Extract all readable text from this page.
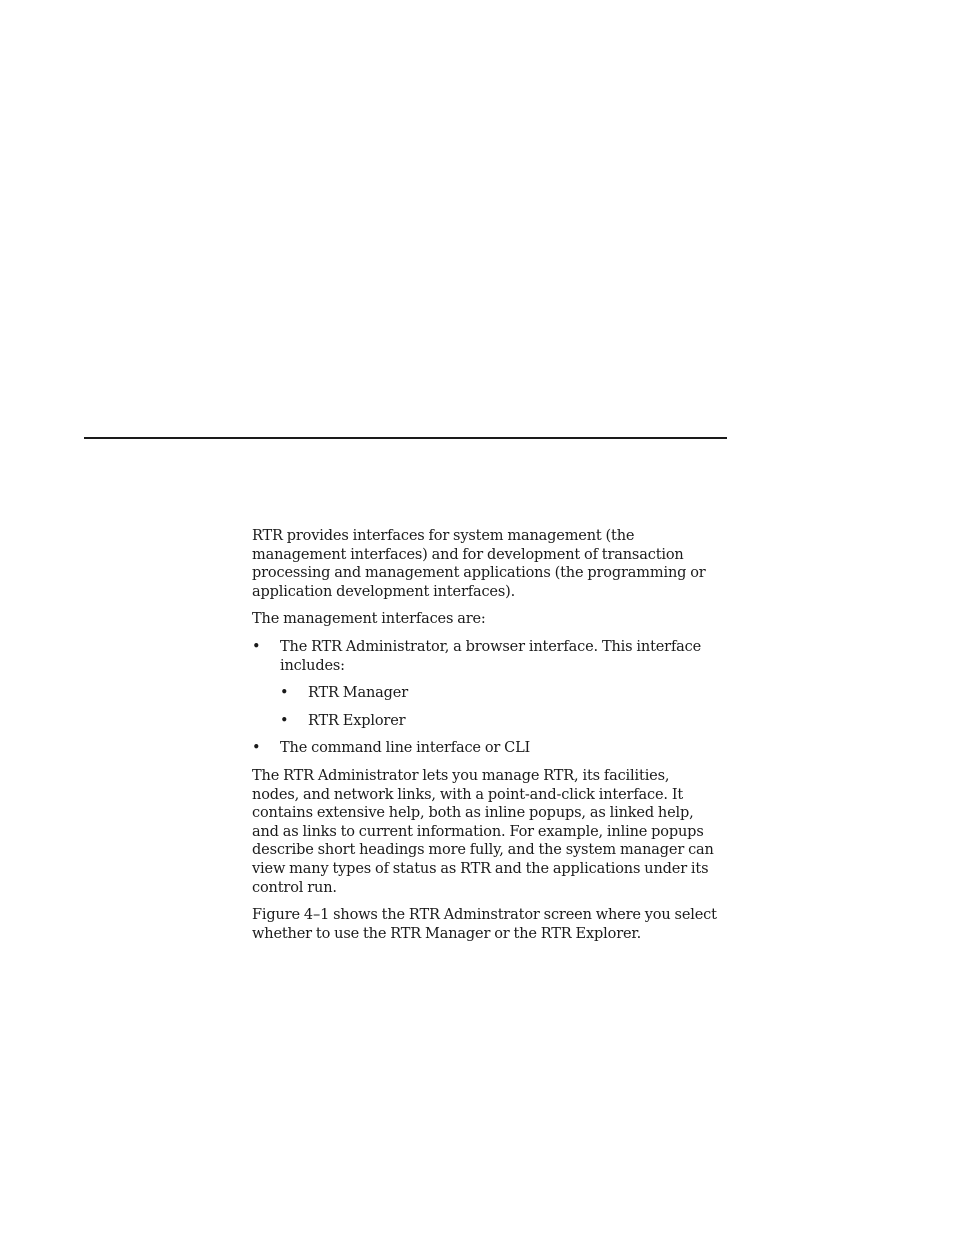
RTR provides interfaces for system management (the
management interfaces) and for development of transaction
processing and management applications (the programming or
application development interfaces).

The management interfaces are:

• The RTR Administrator, a browser interface. This interface
includes:
• RTR Manager
• RTR Explorer
• The command line interface or CLI

The RTR Administrator lets you manage RTR, its facilities,
nodes, and network links, with a point-and-click interface. It
contains extensive help, both as inline popups, as linked help,
and as links to current information. For example, inline popups
describe short headings more fully, and the system manager can
view many types of status as RTR and the applications under its
control run.

Figure 4–1 shows the RTR Adminstrator screen where you select
whether to use the RTR Manager or the RTR Explorer.
